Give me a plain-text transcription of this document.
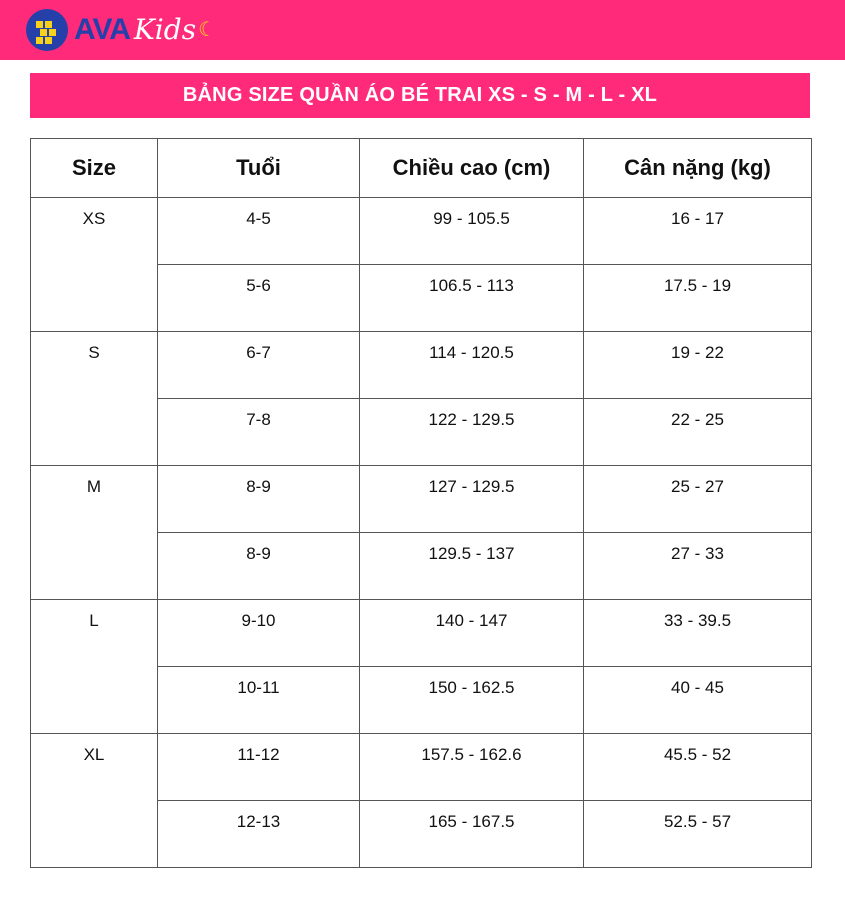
AVA Kids ☾
BẢNG SIZE QUẦN ÁO BÉ TRAI XS - S - M - L - XL
Size	Tuổi	Chiều cao (cm)	Cân nặng (kg)
XS	4-5	99 - 105.5	16 - 17
	5-6	106.5 - 113	17.5 - 19
S	6-7	114 - 120.5	19 - 22
	7-8	122 - 129.5	22 - 25
M	8-9	127 - 129.5	25 - 27
	8-9	129.5 - 137	27 - 33
L	9-10	140 - 147	33 - 39.5
	10-11	150 - 162.5	40 - 45
XL	11-12	157.5 - 162.6	45.5 - 52
	12-13	165 - 167.5	52.5 - 57
